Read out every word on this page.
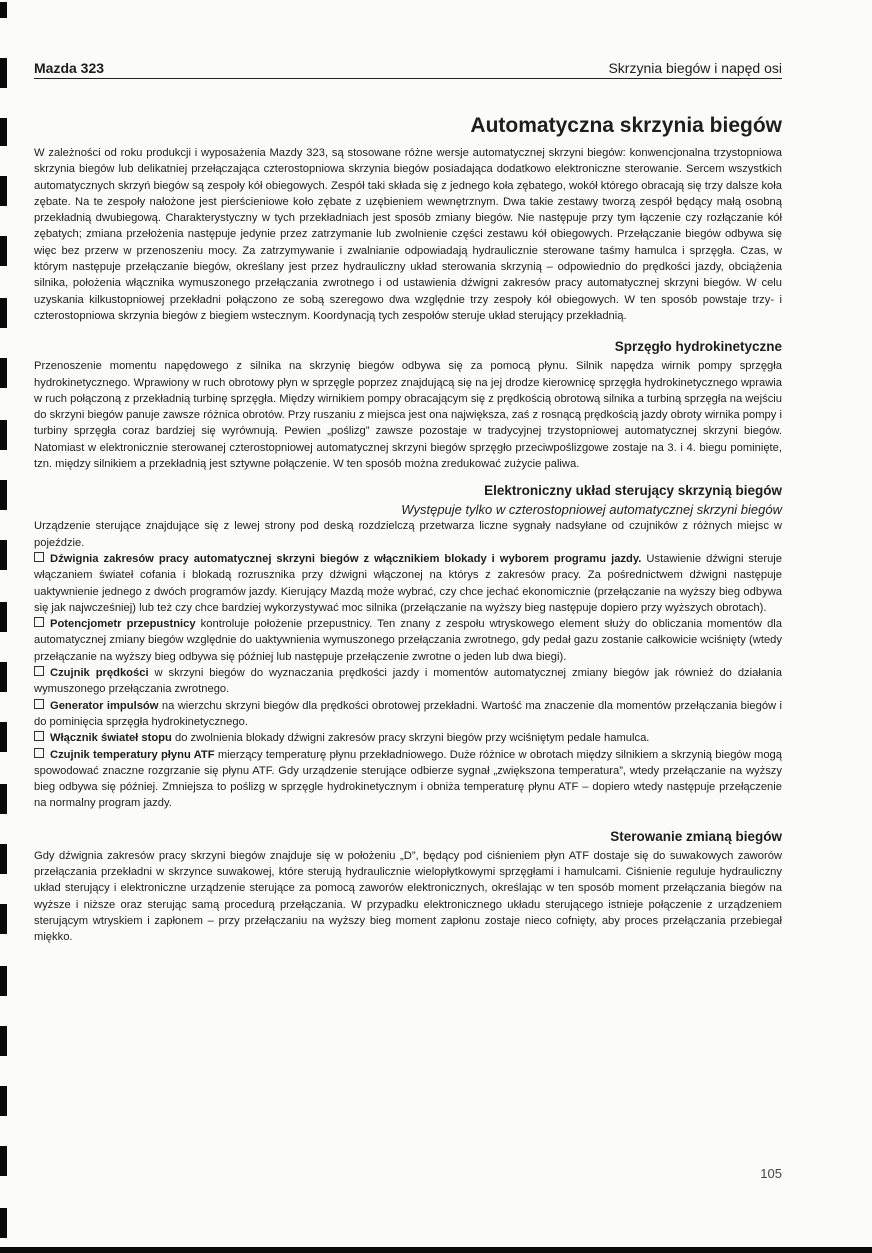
Mazda 323	Skrzynia biegów i napęd osi
Automatyczna skrzynia biegów

W zależności od roku produkcji i wyposażenia Mazdy 323, są stosowane różne wersje automatycznej skrzyni biegów: konwencjonalna trzystopniowa skrzynia biegów lub delikatniej przełączająca czterostopniowa skrzynia biegów posiadająca dodatkowo elektroniczne sterowanie. Sercem wszystkich automatycznych skrzyń biegów są zespoły kół obiegowych. Zespół taki składa się z jednego koła zębatego, wokół którego obracają się trzy dalsze koła zębate. Na te zespoły nałożone jest pierścieniowe koło zębate z uzębieniem wewnętrznym. Dwa takie zestawy tworzą zespół będący małą osobną przekładnią dwubiegową. Charakterystyczny w tych przekładniach jest sposób zmiany biegów. Nie następuje przy tym łączenie czy rozłączanie kół zębatych; zmiana przełożenia następuje jedynie przez zatrzymanie lub zwolnienie części zestawu kół obiegowych. Przełączanie biegów odbywa się więc bez przerw w przenoszeniu mocy. Za zatrzymywanie i zwalnianie odpowiadają hydraulicznie sterowane taśmy hamulca i sprzęgła. Czas, w którym następuje przełączanie biegów, określany jest przez hydrauliczny układ sterowania skrzynią – odpowiednio do prędkości jazdy, obciążenia silnika, położenia włącznika wymuszonego przełączania zwrotnego i od ustawienia dźwigni zakresów pracy automatycznej skrzyni biegów. W celu uzyskania kilkustopniowej przekładni połączono ze sobą szeregowo dwa względnie trzy zespoły kół obiegowych. W ten sposób powstaje trzy- i czterostopniowa skrzynia biegów z biegiem wstecznym. Koordynacją tych zespołów steruje układ sterujący przekładnią.

Sprzęgło hydrokinetyczne

Przenoszenie momentu napędowego z silnika na skrzynię biegów odbywa się za pomocą płynu. Silnik napędza wirnik pompy sprzęgła hydrokinetycznego. Wprawiony w ruch obrotowy płyn w sprzęgle poprzez znajdującą się na jej drodze kierownicę sprzęgła hydrokinetycznego wprawia w ruch połączoną z przekładnią turbinę sprzęgła. Między wirnikiem pompy obracającym się z prędkością obrotową silnika a turbiną sprzęgła na wejściu do skrzyni biegów panuje zawsze różnica obrotów. Przy ruszaniu z miejsca jest ona największa, zaś z rosnącą prędkością jazdy obroty wirnika pompy i turbiny sprzęgła coraz bardziej się wyrównują. Pewien „poślizg” zawsze pozostaje w tradycyjnej trzystopniowej automatycznej skrzyni biegów. Natomiast w elektronicznie sterowanej czterostopniowej automatycznej skrzyni biegów sprzęgło przeciwpoślizgowe zostaje na 3. i 4. biegu pominięte, tzn. między silnikiem a przekładnią jest sztywne połączenie. W ten sposób można zredukować zużycie paliwa.

Elektroniczny układ sterujący skrzynią biegów
Występuje tylko w czterostopniowej automatycznej skrzyni biegów

Urządzenie sterujące znajdujące się z lewej strony pod deską rozdzielczą przetwarza liczne sygnały nadsyłane od czujników z różnych miejsc w pojeździe.

Dźwignia zakresów pracy automatycznej skrzyni biegów z włącznikiem blokady i wyborem programu jazdy. Ustawienie dźwigni steruje włączaniem świateł cofania i blokadą rozrusznika przy dźwigni włączonej na którys z zakresów pracy. Za pośrednictwem dźwigni następuje uaktywnienie jednego z dwóch programów jazdy. Kierujący Mazdą może wybrać, czy chce jechać ekonomicznie (przełączanie na wyższy bieg odbywa się jak najwcześniej) lub też czy chce bardziej wykorzystywać moc silnika (przełączanie na wyższy bieg następuje dopiero przy wyższych obrotach).

Potencjometr przepustnicy kontroluje położenie przepustnicy. Ten znany z zespołu wtryskowego element służy do obliczania momentów dla automatycznej zmiany biegów względnie do uaktywnienia wymuszonego przełączania zwrotnego, gdy pedał gazu zostanie całkowicie wciśnięty (wtedy przełączanie na wyższy bieg odbywa się później lub następuje przełączenie zwrotne o jeden lub dwa biegi).

Czujnik prędkości w skrzyni biegów do wyznaczania prędkości jazdy i momentów automatycznej zmiany biegów jak również do działania wymuszonego przełączania zwrotnego.

Generator impulsów na wierzchu skrzyni biegów dla prędkości obrotowej przekładni. Wartość ma znaczenie dla momentów przełączania biegów i do pominięcia sprzęgła hydrokinetycznego.

Włącznik świateł stopu do zwolnienia blokady dźwigni zakresów pracy skrzyni biegów przy wciśniętym pedale hamulca.

Czujnik temperatury płynu ATF mierzący temperaturę płynu przekładniowego. Duże różnice w obrotach między silnikiem a skrzynią biegów mogą spowodować znaczne rozgrzanie się płynu ATF. Gdy urządzenie sterujące odbierze sygnał „zwiększona temperatura”, wtedy przełączanie na wyższy bieg odbywa się później. Zmniejsza to poślizg w sprzęgle hydrokinetycznym i obniża temperaturę płynu ATF – dopiero wtedy następuje przełączenie na normalny program jazdy.

Sterowanie zmianą biegów

Gdy dźwignia zakresów pracy skrzyni biegów znajduje się w położeniu „D”, będący pod ciśnieniem płyn ATF dostaje się do suwakowych zaworów przełączania przekładni w skrzynce suwakowej, które sterują hydraulicznie wielopłytkowymi sprzęgłami i hamulcami. Ciśnienie reguluje hydrauliczny układ sterujący i elektroniczne urządzenie sterujące za pomocą zaworów elektronicznych, określając w ten sposób moment przełączania biegów na wyższe i niższe oraz sterując samą procedurą przełączania. W przypadku elektronicznego układu sterującego istnieje połączenie z urządzeniem sterującym wtryskiem i zapłonem – przy przełączaniu na wyższy bieg moment zapłonu zostaje nieco cofnięty, aby proces przełączania przebiegał miękko.

105
